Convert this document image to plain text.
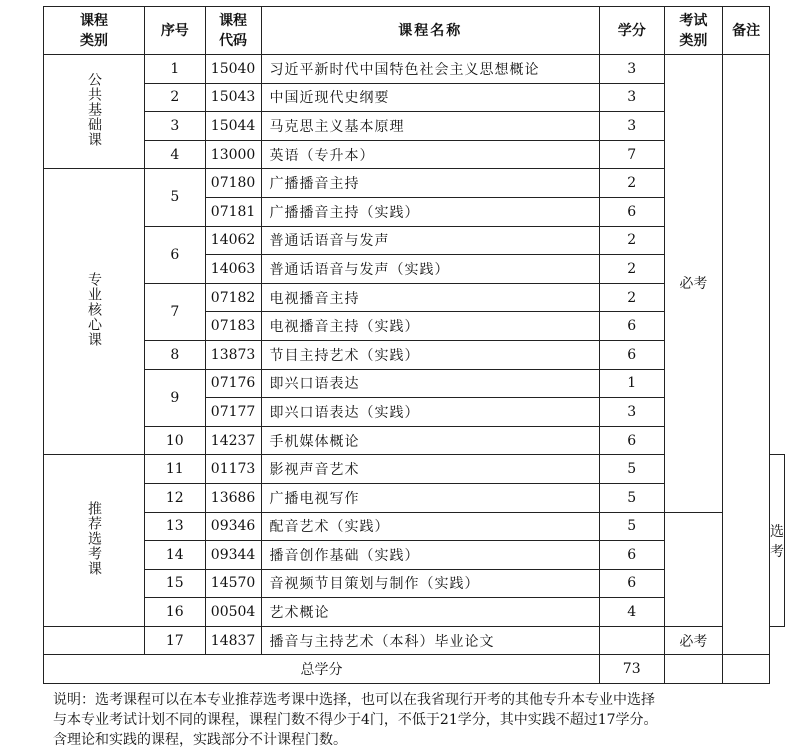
课程类别	序号	课程代码	课程名称	学分	考试类别	备注	
公共基础课	1	15040	习近平新时代中国特色社会主义思想概论	3	必考		
	2	15043	中国近现代史纲要	3			
	3	15044	马克思主义基本原理	3			
	4	13000	英语（专升本）	7			
专业核心课	5	07180	广播播音主持	2			
		07181	广播播音主持（实践）	6			
	6	14062	普通话语音与发声	2			
		14063	普通话语音与发声（实践）	2			
	7	07182	电视播音主持	2			
		07183	电视播音主持（实践）	6			
	8	13873	节目主持艺术（实践）	6			
	9	07176	即兴口语表达	1			
		07177	即兴口语表达（实践）	3			
	10	14237	手机媒体概论	6			
推荐选考课	11	01173	影视声音艺术	5			选考
	12	13686	广播电视写作	5			
	13	09346	配音艺术（实践）	5			
	14	09344	播音创作基础（实践）	6			
	15	14570	音视频节目策划与制作（实践）	6			
	16	00504	艺术概论	4			
	17	14837	播音与主持艺术（本科）毕业论文		必考		
总学分				73			

说明：选考课程可以在本专业推荐选考课中选择，也可以在我省现行开考的其他专升本专业中选择

与本专业考试计划不同的课程，课程门数不得少于4门，不低于21学分，其中实践不超过17学分。

含理论和实践的课程，实践部分不计课程门数。
